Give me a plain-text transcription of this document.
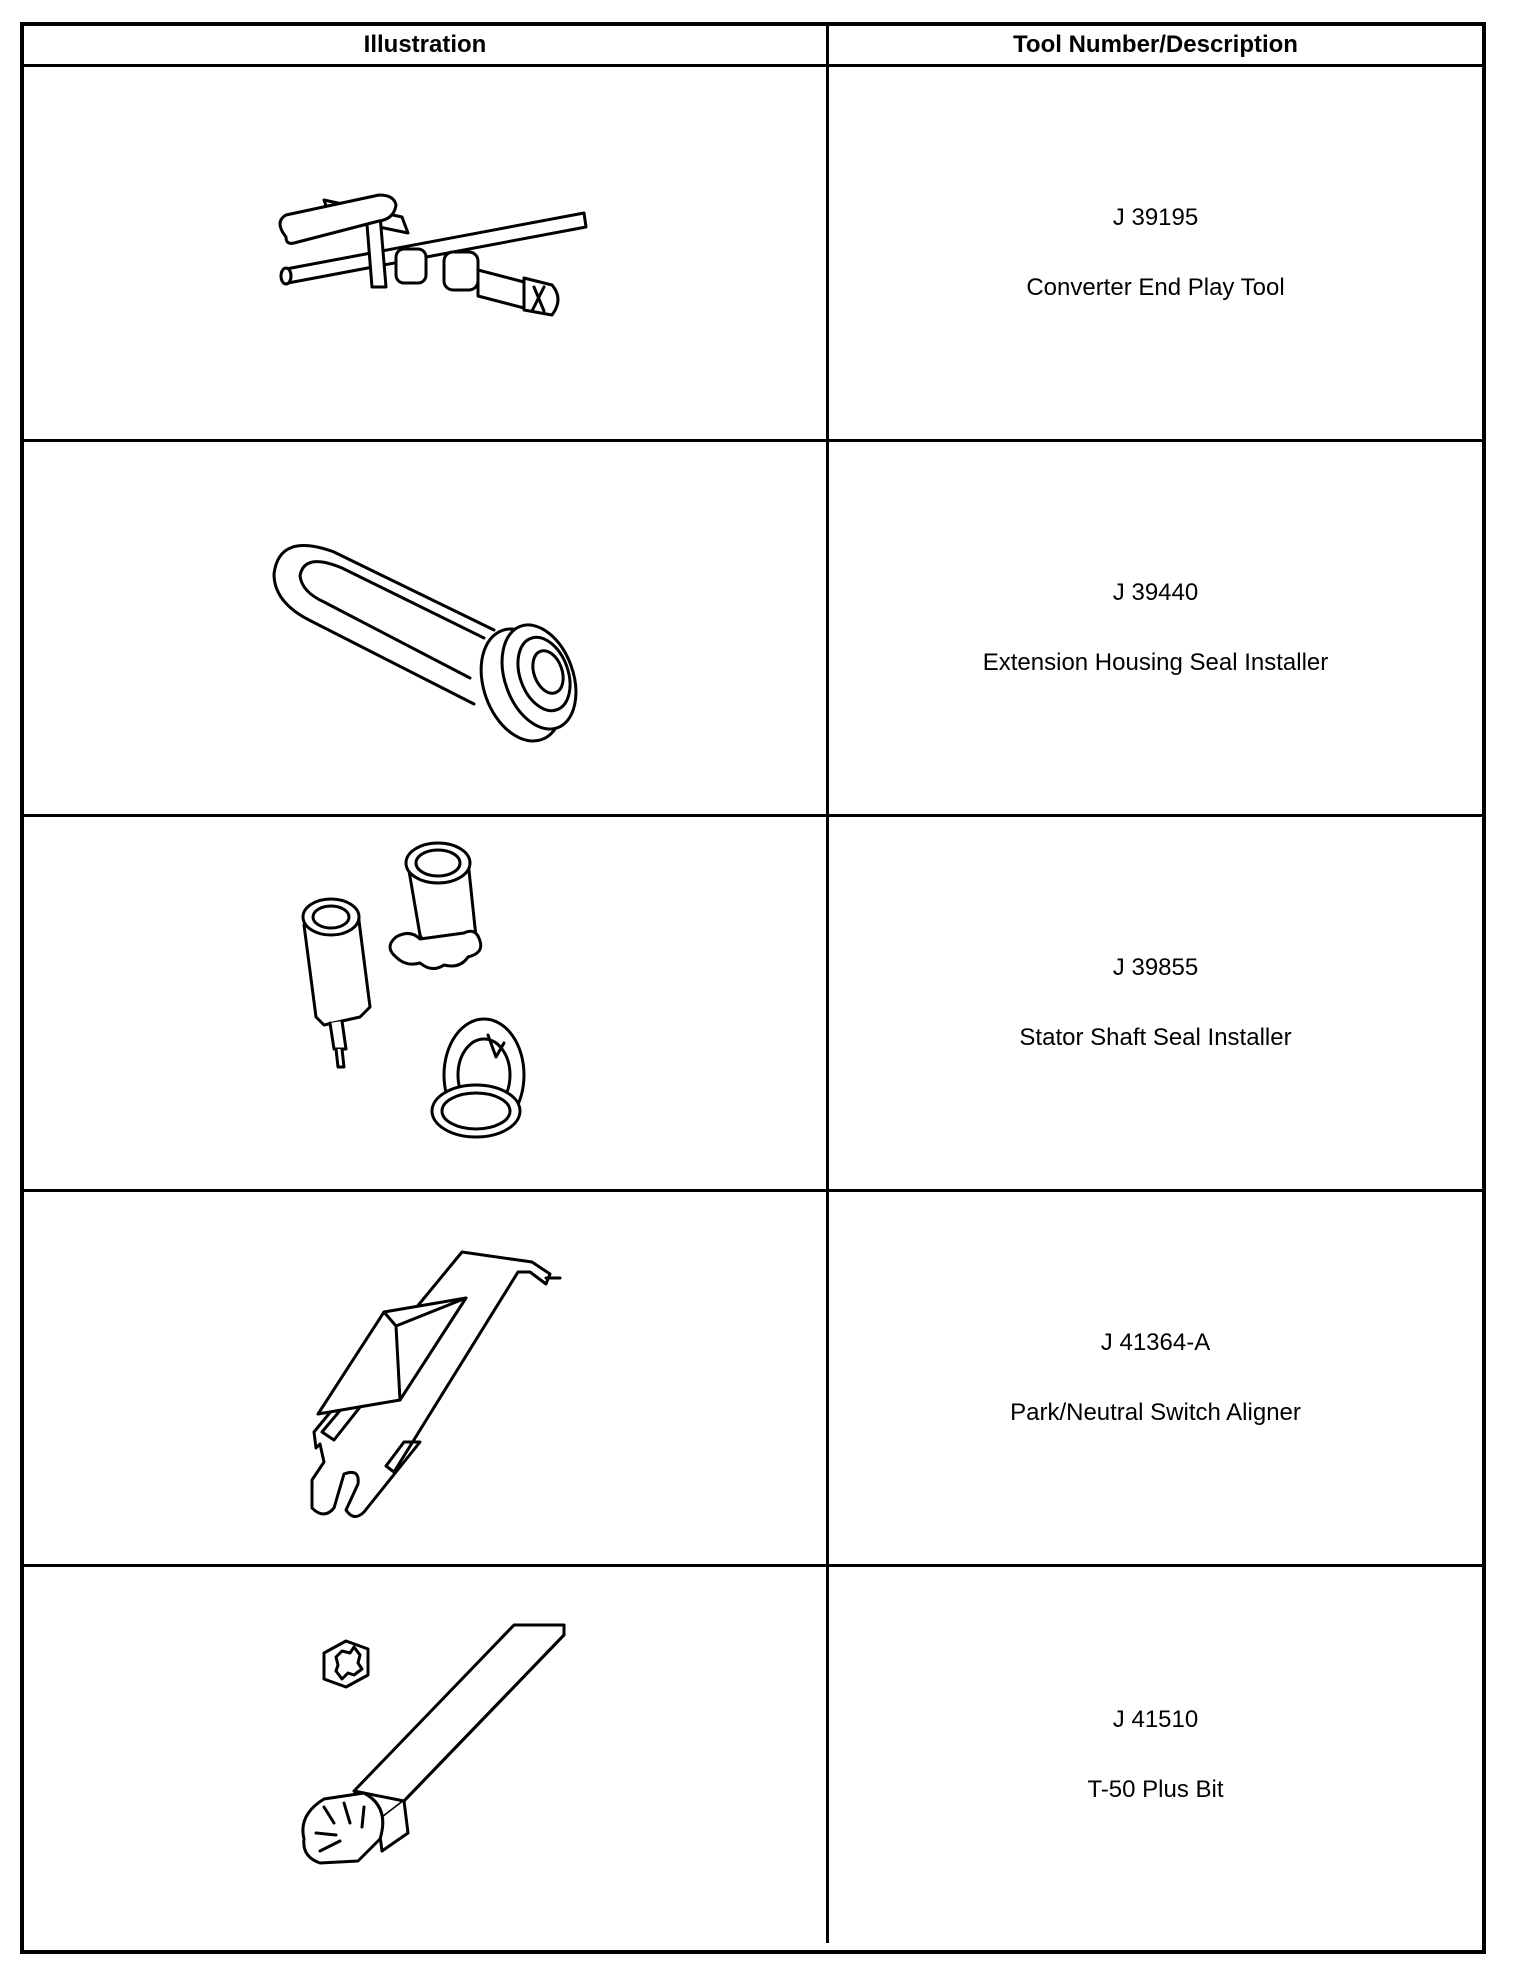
Illustration	Tool Number/Description
J 39195
Converter End Play Tool
J 39440
Extension Housing Seal Installer
J 39855
Stator Shaft Seal Installer
J 41364-A
Park/Neutral Switch Aligner
J 41510
T-50 Plus Bit
